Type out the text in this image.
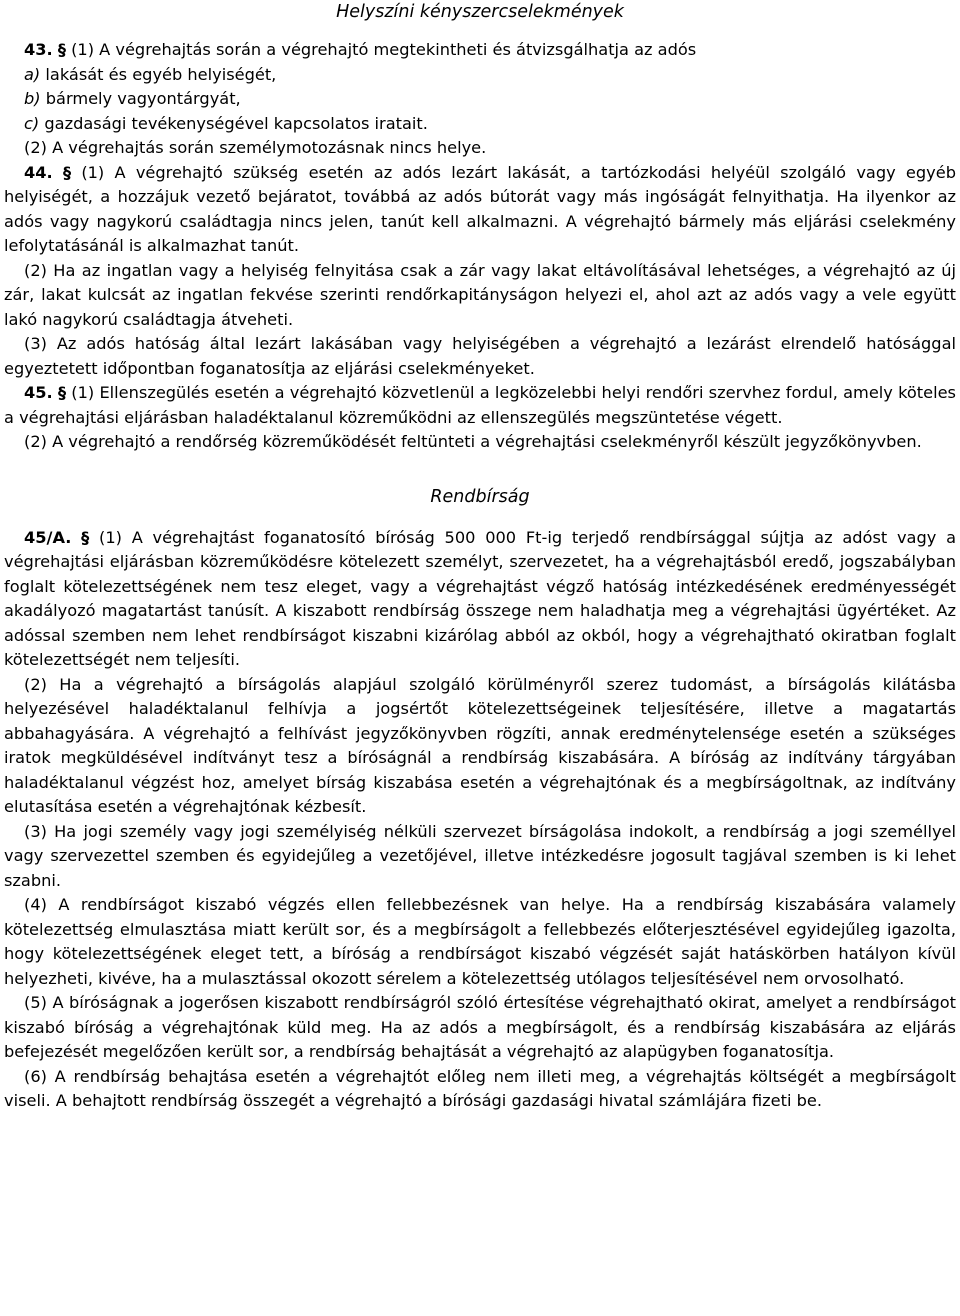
Helyszíni kényszercselekmények

43. § (1) A végrehajtás során a végrehajtó megtekintheti és átvizsgálhatja az adós

a) lakását és egyéb helyiségét,

b) bármely vagyontárgyát,

c) gazdasági tevékenységével kapcsolatos iratait.

(2) A végrehajtás során személymotozásnak nincs helye.

44. § (1) A végrehajtó szükség esetén az adós lezárt lakását, a tartózkodási helyéül szolgáló vagy egyéb helyiségét, a hozzájuk vezető bejáratot, továbbá az adós bútorát vagy más ingóságát felnyithatja. Ha ilyenkor az adós vagy nagykorú családtagja nincs jelen, tanút kell alkalmazni. A végrehajtó bármely más eljárási cselekmény lefolytatásánál is alkalmazhat tanút.

(2) Ha az ingatlan vagy a helyiség felnyitása csak a zár vagy lakat eltávolításával lehetséges, a végrehajtó az új zár, lakat kulcsát az ingatlan fekvése szerinti rendőrkapitányságon helyezi el, ahol azt az adós vagy a vele együtt lakó nagykorú családtagja átveheti.

(3) Az adós hatóság által lezárt lakásában vagy helyiségében a végrehajtó a lezárást elrendelő hatósággal egyeztetett időpontban foganatosítja az eljárási cselekményeket.

45. § (1) Ellenszegülés esetén a végrehajtó közvetlenül a legközelebbi helyi rendőri szervhez fordul, amely köteles a végrehajtási eljárásban haladéktalanul közreműködni az ellenszegülés megszüntetése végett.

(2) A végrehajtó a rendőrség közreműködését feltünteti a végrehajtási cselekményről készült jegyzőkönyvben.

Rendbírság

45/A. § (1) A végrehajtást foganatosító bíróság 500 000 Ft-ig terjedő rendbírsággal sújtja az adóst vagy a végrehajtási eljárásban közreműködésre kötelezett személyt, szervezetet, ha a végrehajtásból eredő, jogszabályban foglalt kötelezettségének nem tesz eleget, vagy a végrehajtást végző hatóság intézkedésének eredményességét akadályozó magatartást tanúsít. A kiszabott rendbírság összege nem haladhatja meg a végrehajtási ügyértéket. Az adóssal szemben nem lehet rendbírságot kiszabni kizárólag abból az okból, hogy a végrehajtható okiratban foglalt kötelezettségét nem teljesíti.

(2) Ha a végrehajtó a bírságolás alapjául szolgáló körülményről szerez tudomást, a bírságolás kilátásba helyezésével haladéktalanul felhívja a jogsértőt kötelezettségeinek teljesítésére, illetve a magatartás abbahagyására. A végrehajtó a felhívást jegyzőkönyvben rögzíti, annak eredménytelensége esetén a szükséges iratok megküldésével indítványt tesz a bíróságnál a rendbírság kiszabására. A bíróság az indítvány tárgyában haladéktalanul végzést hoz, amelyet bírság kiszabása esetén a végrehajtónak és a megbírságoltnak, az indítvány elutasítása esetén a végrehajtónak kézbesít.

(3) Ha jogi személy vagy jogi személyiség nélküli szervezet bírságolása indokolt, a rendbírság a jogi személlyel vagy szervezettel szemben és egyidejűleg a vezetőjével, illetve intézkedésre jogosult tagjával szemben is ki lehet szabni.

(4) A rendbírságot kiszabó végzés ellen fellebbezésnek van helye. Ha a rendbírság kiszabására valamely kötelezettség elmulasztása miatt került sor, és a megbírságolt a fellebbezés előterjesztésével egyidejűleg igazolta, hogy kötelezettségének eleget tett, a bíróság a rendbírságot kiszabó végzését saját hatáskörben hatályon kívül helyezheti, kivéve, ha a mulasztással okozott sérelem a kötelezettség utólagos teljesítésével nem orvosolható.

(5) A bíróságnak a jogerősen kiszabott rendbírságról szóló értesítése végrehajtható okirat, amelyet a rendbírságot kiszabó bíróság a végrehajtónak küld meg. Ha az adós a megbírságolt, és a rendbírság kiszabására az eljárás befejezését megelőzően került sor, a rendbírság behajtását a végrehajtó az alapügyben foganatosítja.

(6) A rendbírság behajtása esetén a végrehajtót előleg nem illeti meg, a végrehajtás költségét a megbírságolt viseli. A behajtott rendbírság összegét a végrehajtó a bírósági gazdasági hivatal számlájára fizeti be.
